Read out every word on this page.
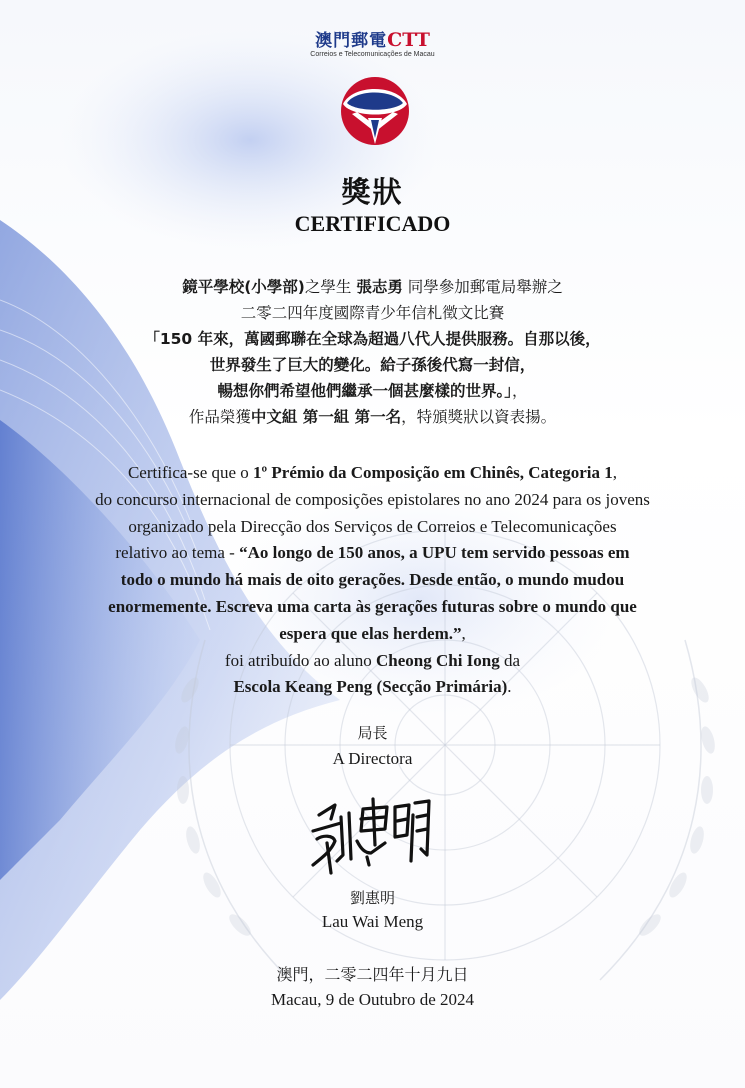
澳門郵電CTT
Correios e Telecomunicações de Macau
獎狀
CERTIFICADO
鏡平學校(小學部)之學生 張志勇 同學參加郵電局舉辦之
二零二四年度國際青少年信札徵文比賽
「150 年來，萬國郵聯在全球為超過八代人提供服務。自那以後，
世界發生了巨大的變化。給子孫後代寫一封信，
暢想你們希望他們繼承一個甚麼樣的世界。」，
作品榮獲中文組 第一組 第一名，特頒獎狀以資表揚。
Certifica-se que o 1º Prémio da Composição em Chinês, Categoria 1,
do concurso internacional de composições epistolares no ano 2024 para os jovens
organizado pela Direcção dos Serviços de Correios e Telecomunicações
relativo ao tema - “Ao longo de 150 anos, a UPU tem servido pessoas em
todo o mundo há mais de oito gerações. Desde então, o mundo mudou
enormemente. Escreva uma carta às gerações futuras sobre o mundo que
espera que elas herdem.”,
foi atribuído ao aluno Cheong Chi Iong da
Escola Keang Peng (Secção Primária).
局長
A Directora
劉惠明
Lau Wai Meng
澳門，二零二四年十月九日
Macau, 9 de Outubro de 2024
